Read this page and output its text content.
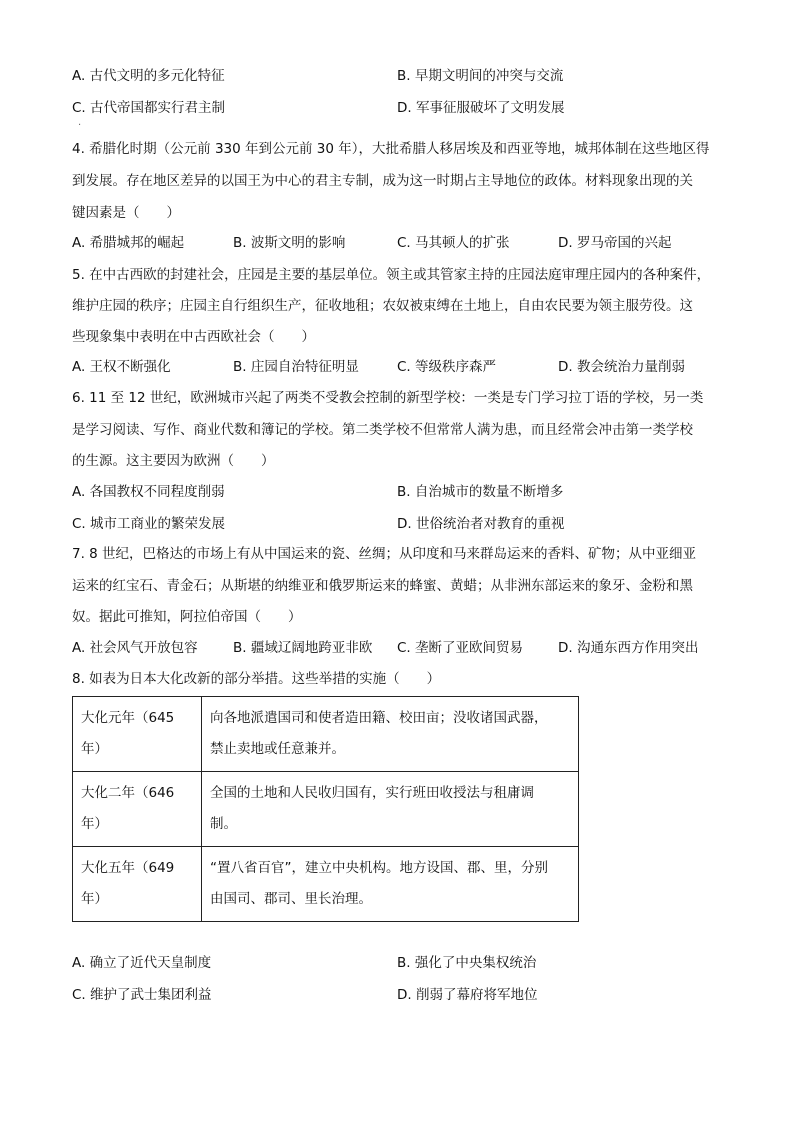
A. 古代文明的多元化特征	B. 早期文明间的冲突与交流
C. 古代帝国都实行君主制	D. 军事征服破坏了文明发展
·
4. 希腊化时期（公元前 330 年到公元前 30 年），大批希腊人移居埃及和西亚等地，城邦体制在这些地区得
到发展。存在地区差异的以国王为中心的君主专制，成为这一时期占主导地位的政体。材料现象出现的关
键因素是（　　）
A. 希腊城邦的崛起	B. 波斯文明的影响	C. 马其顿人的扩张	D. 罗马帝国的兴起
5. 在中古西欧的封建社会，庄园是主要的基层单位。领主或其管家主持的庄园法庭审理庄园内的各种案件，
维护庄园的秩序；庄园主自行组织生产，征收地租；农奴被束缚在土地上，自由农民要为领主服劳役。这
些现象集中表明在中古西欧社会（　　）
A. 王权不断强化	B. 庄园自治特征明显	C. 等级秩序森严	D. 教会统治力量削弱
6. 11 至 12 世纪，欧洲城市兴起了两类不受教会控制的新型学校：一类是专门学习拉丁语的学校，另一类
是学习阅读、写作、商业代数和簿记的学校。第二类学校不但常常人满为患，而且经常会冲击第一类学校
的生源。这主要因为欧洲（　　）
A. 各国教权不同程度削弱	B. 自治城市的数量不断增多
C. 城市工商业的繁荣发展	D. 世俗统治者对教育的重视
7. 8 世纪，巴格达的市场上有从中国运来的瓷、丝绸；从印度和马来群岛运来的香料、矿物；从中亚细亚
运来的红宝石、青金石；从斯堪的纳维亚和俄罗斯运来的蜂蜜、黄蜡；从非洲东部运来的象牙、金粉和黑
奴。据此可推知，阿拉伯帝国（　　）
A. 社会风气开放包容	B. 疆域辽阔地跨亚非欧 C. 垄断了亚欧间贸易	D. 沟通东西方作用突出
8. 如表为日本大化改新的部分举措。这些举措的实施（　　）
大化元年（645
年）	向各地派遣国司和使者造田籍、校田亩；没收诸国武器，
禁止卖地或任意兼并。

大化二年（646
年）	全国的土地和人民收归国有，实行班田收授法与租庸调
制。

大化五年（649
年）	“置八省百官”，建立中央机构。地方设国、郡、里，分别
由国司、郡司、里长治理。
A. 确立了近代天皇制度	B. 强化了中央集权统治
C. 维护了武士集团利益	D. 削弱了幕府将军地位
